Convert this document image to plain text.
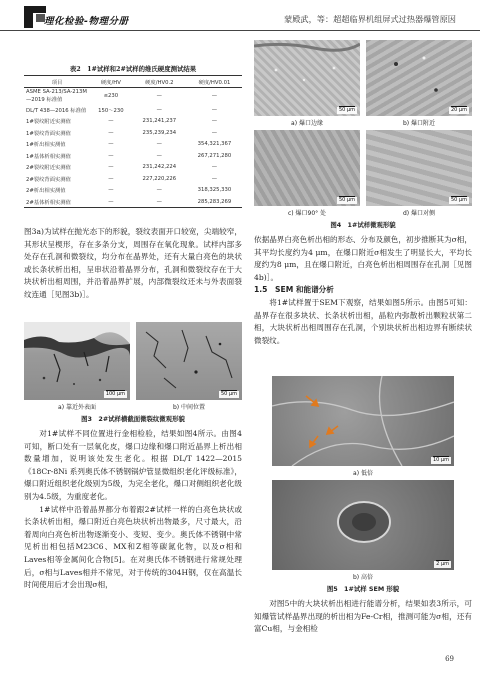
理化检验-物理分册	蒙殿武，等：超超临界机组屏式过热器爆管原因
表2　1#试样和2#试样的维氏硬度测试结果
项目	硬度/HV	硬度/HV0.2	硬度/HV0.01
ASME SA-213/SA-213M—2019 标准值	≤230	—	—
DL/T 438—2016 标准值	150～230	—	—
1#裂纹附近实测值	—	231,241,237	—
1#裂纹背面实测值	—	235,239,234	—
1#析出相实测值	—	—	354,321,367
1#基体析相实测值	—	—	267,271,280
2#裂纹附近实测值	—	231,242,224	—
2#裂纹背面实测值	—	227,220,226	—
2#析出相实测值	—	—	318,325,330
2#基体析相实测值	—	—	285,283,269

图3a)为试样在抛光态下的形貌，裂纹表面开口较宽，尖端较窄，其形状呈楔形，存在多条分支，周围存在氧化现象。试样内部多处存在孔洞和微裂纹，均分布在晶界处，还有大量白亮色的块状或长条状析出相，呈串状沿着晶界分布，孔洞和微裂纹存在于大块状析出相周围，并沿着晶界扩展，内部微裂纹还未与外表面裂纹连通［见图3b)］。

100 μm	50 μm
a) 靠近外表面	b) 中间位置
图3　2#试样横截面微裂纹微观形貌

对1#试样不同位置进行金相检验，结果如图4所示。由图4可知，断口处有一层氧化皮，爆口边缘和爆口附近晶界上析出相数量增加，说明该处发生老化。根据 DL/T 1422—2015《18Cr-8Ni 系列奥氏体不锈钢锅炉管显微组织老化评级标准》，爆口附近组织老化级别为5级，为完全老化，爆口对侧组织老化级别为4.5级，为重度老化。

1#试样中沿着晶界都分布着跟2#试样一样的白亮色块状或长条状析出相，爆口附近白亮色块状析出物最多，尺寸最大，沿着周向白亮色析出物逐渐变小、变短、变少。奥氏体不锈钢中常见析出相包括M23C6、MX和Z相等碳氮化物，以及σ相和Laves相等金属间化合物[5]。在对奥氏体不锈钢进行常规处理后，σ相与Laves相并不常见，对于传统的304H钢，仅在高温长时间使用后才会出现σ相，

50 μm	20 μm
a) 爆口边缘	b) 爆口附近
50 μm	50 μm
c) 爆口90° 处	d) 爆口对侧
图4　1#试样微观形貌

依据晶界白亮色析出相的形态、分布及颜色，初步推断其为σ相，其平均长度约为4 μm，在爆口附近σ相发生了明显长大，平均长度约为8 μm，且在爆口附近，白亮色析出相周围存在孔洞［见图4b)］。

1.5　SEM 和能谱分析

将1#试样置于SEM下观察，结果如图5所示。由图5可知：晶界存在很多块状、长条状析出相，晶粒内弥散析出颗粒状第二相，大块状析出相周围存在孔洞，个别块状析出相边界有断续状微裂纹。

10 μm
a) 低倍
2 μm
b) 高倍
图5　1#试样 SEM 形貌

对图5中的大块状析出相进行能谱分析，结果如表3所示，可知爆管试样晶界出现的析出相为Fe-Cr相，推测可能为σ相，还有富Cu相，与金相检

69
